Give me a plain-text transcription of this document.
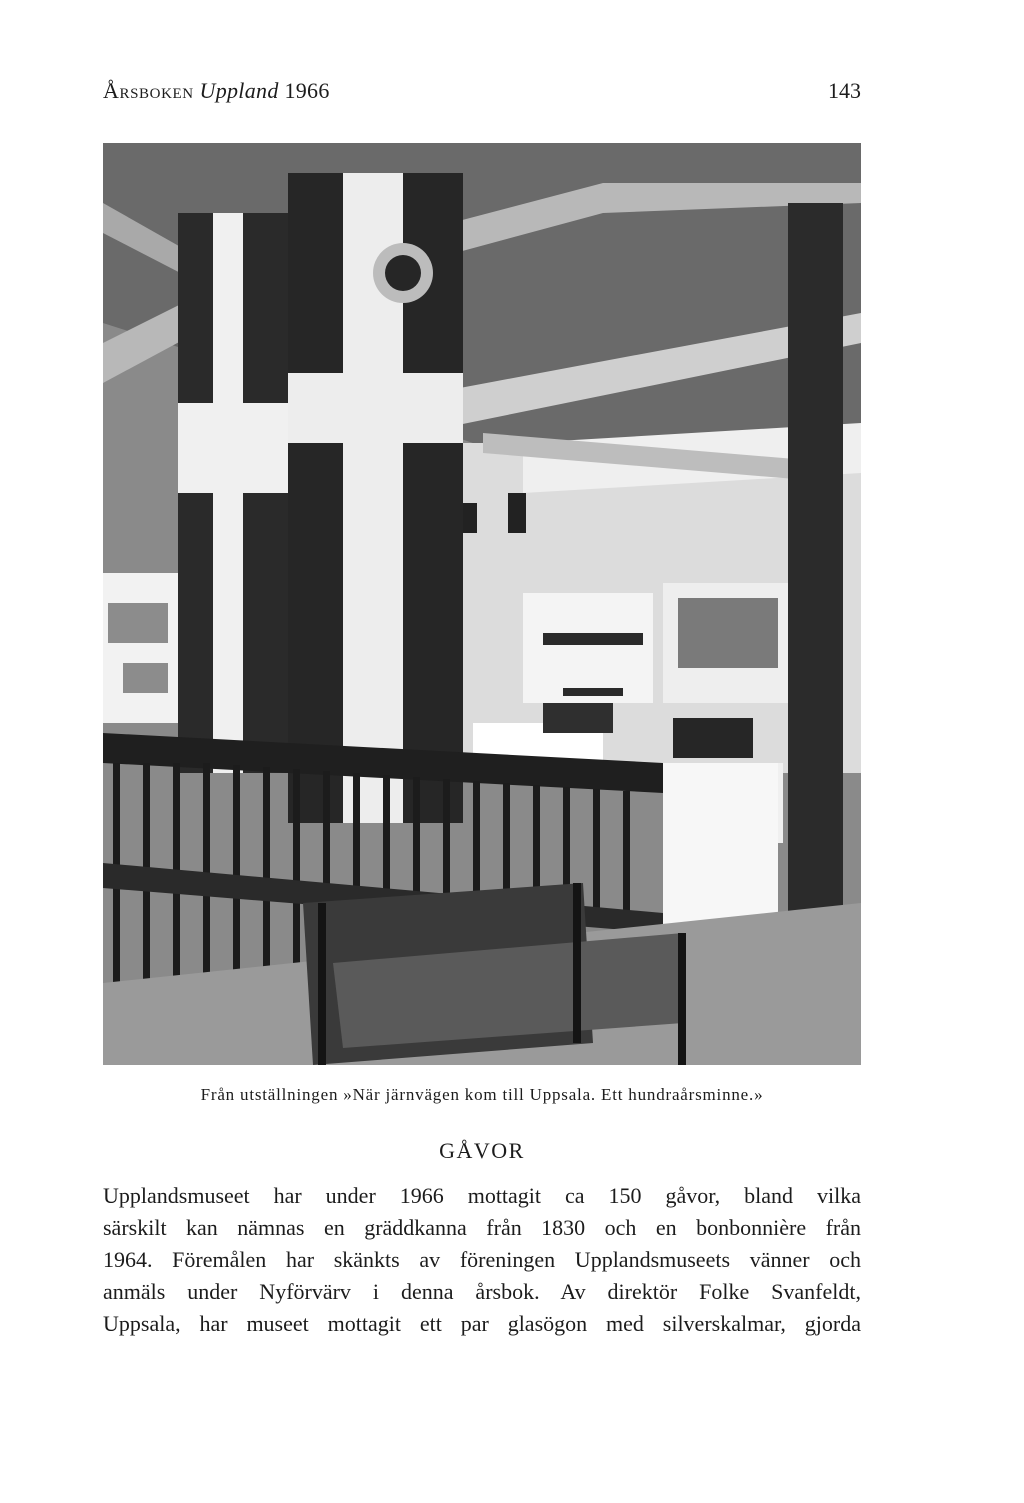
Årsboken Uppland 1966	143
Från utställningen »När järnvägen kom till Uppsala. Ett hundraårsminne.»
GÅVOR
Upplandsmuseet har under 1966 mottagit ca 150 gåvor, bland vilka
särskilt kan nämnas en gräddkanna från 1830 och en bonbonnière från
1964. Föremålen har skänkts av föreningen Upplandsmuseets vänner och
anmäls under Nyförvärv i denna årsbok. Av direktör Folke Svanfeldt,
Uppsala, har museet mottagit ett par glasögon med silverskalmar, gjorda
